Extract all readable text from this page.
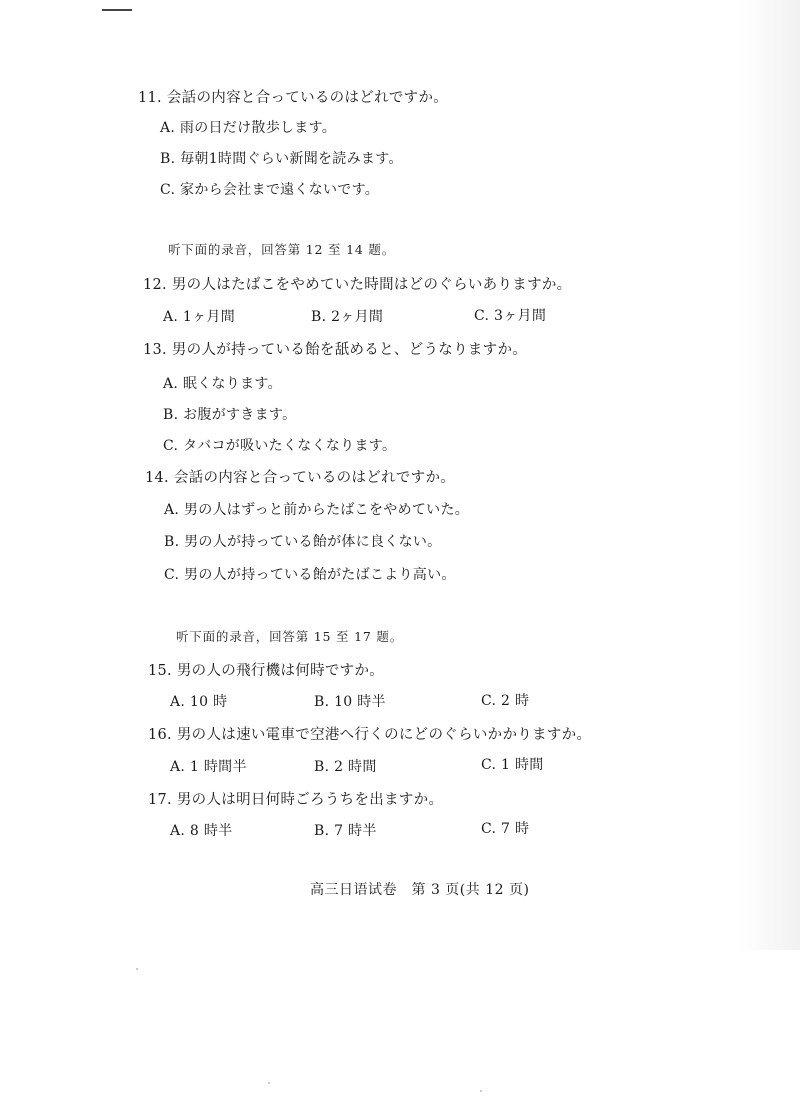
11. 会話の内容と合っているのはどれですか。
A. 雨の日だけ散歩します。
B. 毎朝1時間ぐらい新聞を読みます。
C. 家から会社まで遠くないです。
听下面的录音，回答第 12 至 14 题。
12. 男の人はたばこをやめていた時間はどのぐらいありますか。
A. 1ヶ月間	B. 2ヶ月間	C. 3ヶ月間
13. 男の人が持っている飴を舐めると、どうなりますか。
A. 眠くなります。
B. お腹がすきます。
C. タバコが吸いたくなくなります。
14. 会話の内容と合っているのはどれですか。
A. 男の人はずっと前からたばこをやめていた。
B. 男の人が持っている飴が体に良くない。
C. 男の人が持っている飴がたばこより高い。
听下面的录音，回答第 15 至 17 题。
15. 男の人の飛行機は何時ですか。
A. 10 時	B. 10 時半	C. 2 時
16. 男の人は速い電車で空港へ行くのにどのぐらいかかりますか。
A. 1 時間半	B. 2 時間	C. 1 時間
17. 男の人は明日何時ごろうちを出ますか。
A. 8 時半	B. 7 時半	C. 7 時
高三日语试卷　第 3 页(共 12 页)
